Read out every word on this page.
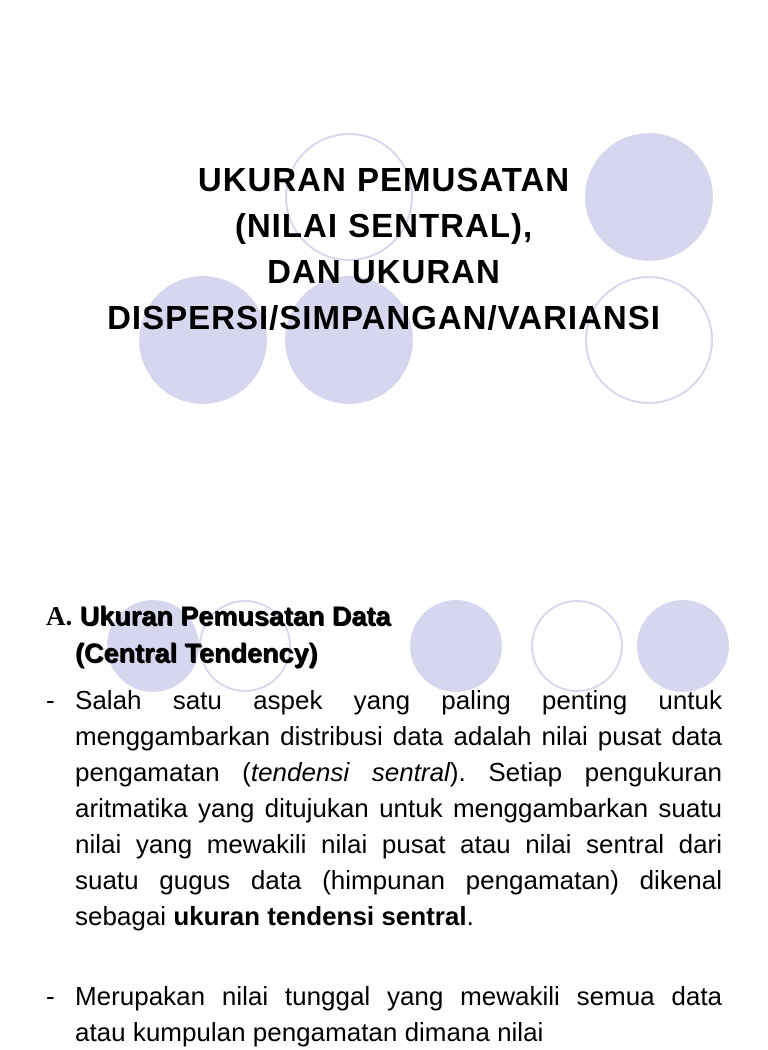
UKURAN PEMUSATAN
(NILAI SENTRAL),
DAN UKURAN
DISPERSI/SIMPANGAN/VARIANSI
A. Ukuran Pemusatan Data
(Central Tendency)
- Salah satu aspek yang paling penting untuk menggambarkan distribusi data adalah nilai pusat data pengamatan (tendensi sentral). Setiap pengukuran aritmatika yang ditujukan untuk menggambarkan suatu nilai yang mewakili nilai pusat atau nilai sentral dari suatu gugus data (himpunan pengamatan) dikenal sebagai ukuran tendensi sentral.
- Merupakan nilai tunggal yang mewakili semua data atau kumpulan pengamatan dimana nilai
